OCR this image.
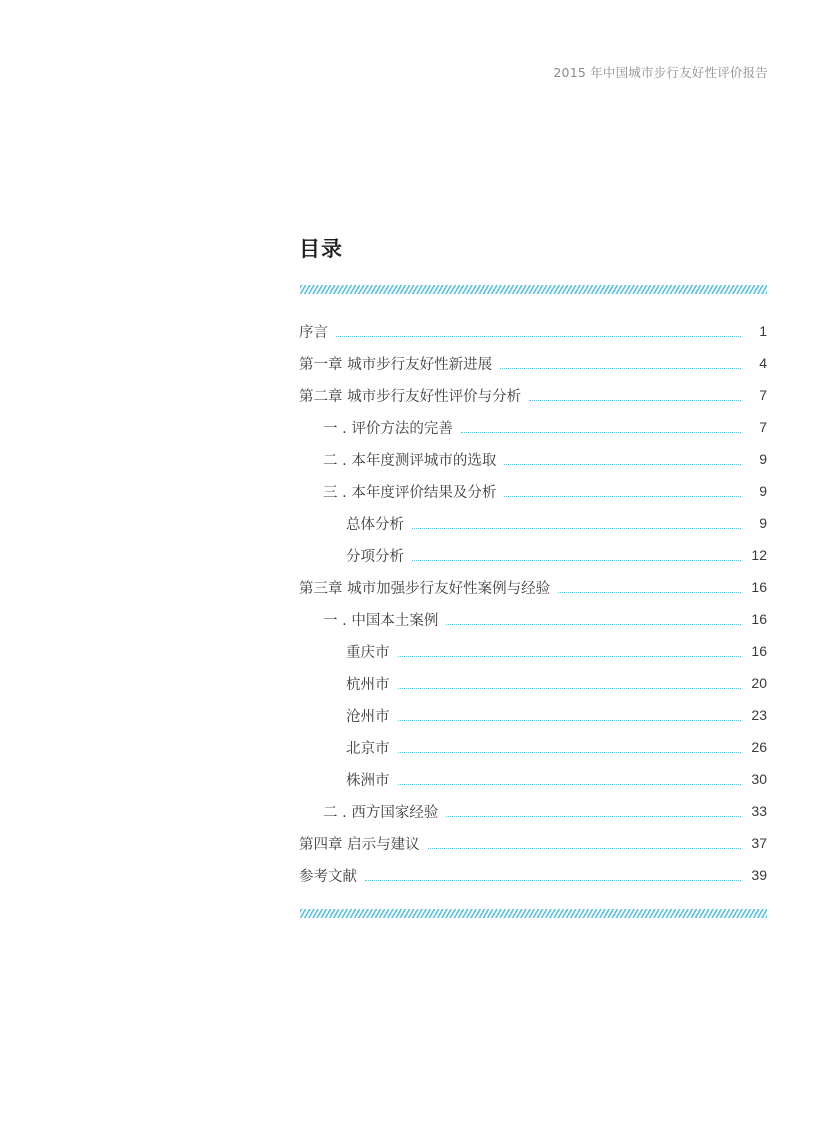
2015 年中国城市步行友好性评价报告
目录
序言	1
第一章 城市步行友好性新进展	4
第二章 城市步行友好性评价与分析	7
一 . 评价方法的完善	7
二 . 本年度测评城市的选取	9
三 . 本年度评价结果及分析	9
总体分析	9
分项分析	12
第三章 城市加强步行友好性案例与经验	16
一 . 中国本土案例	16
重庆市	16
杭州市	20
沧州市	23
北京市	26
株洲市	30
二 . 西方国家经验	33
第四章 启示与建议	37
参考文献	39
